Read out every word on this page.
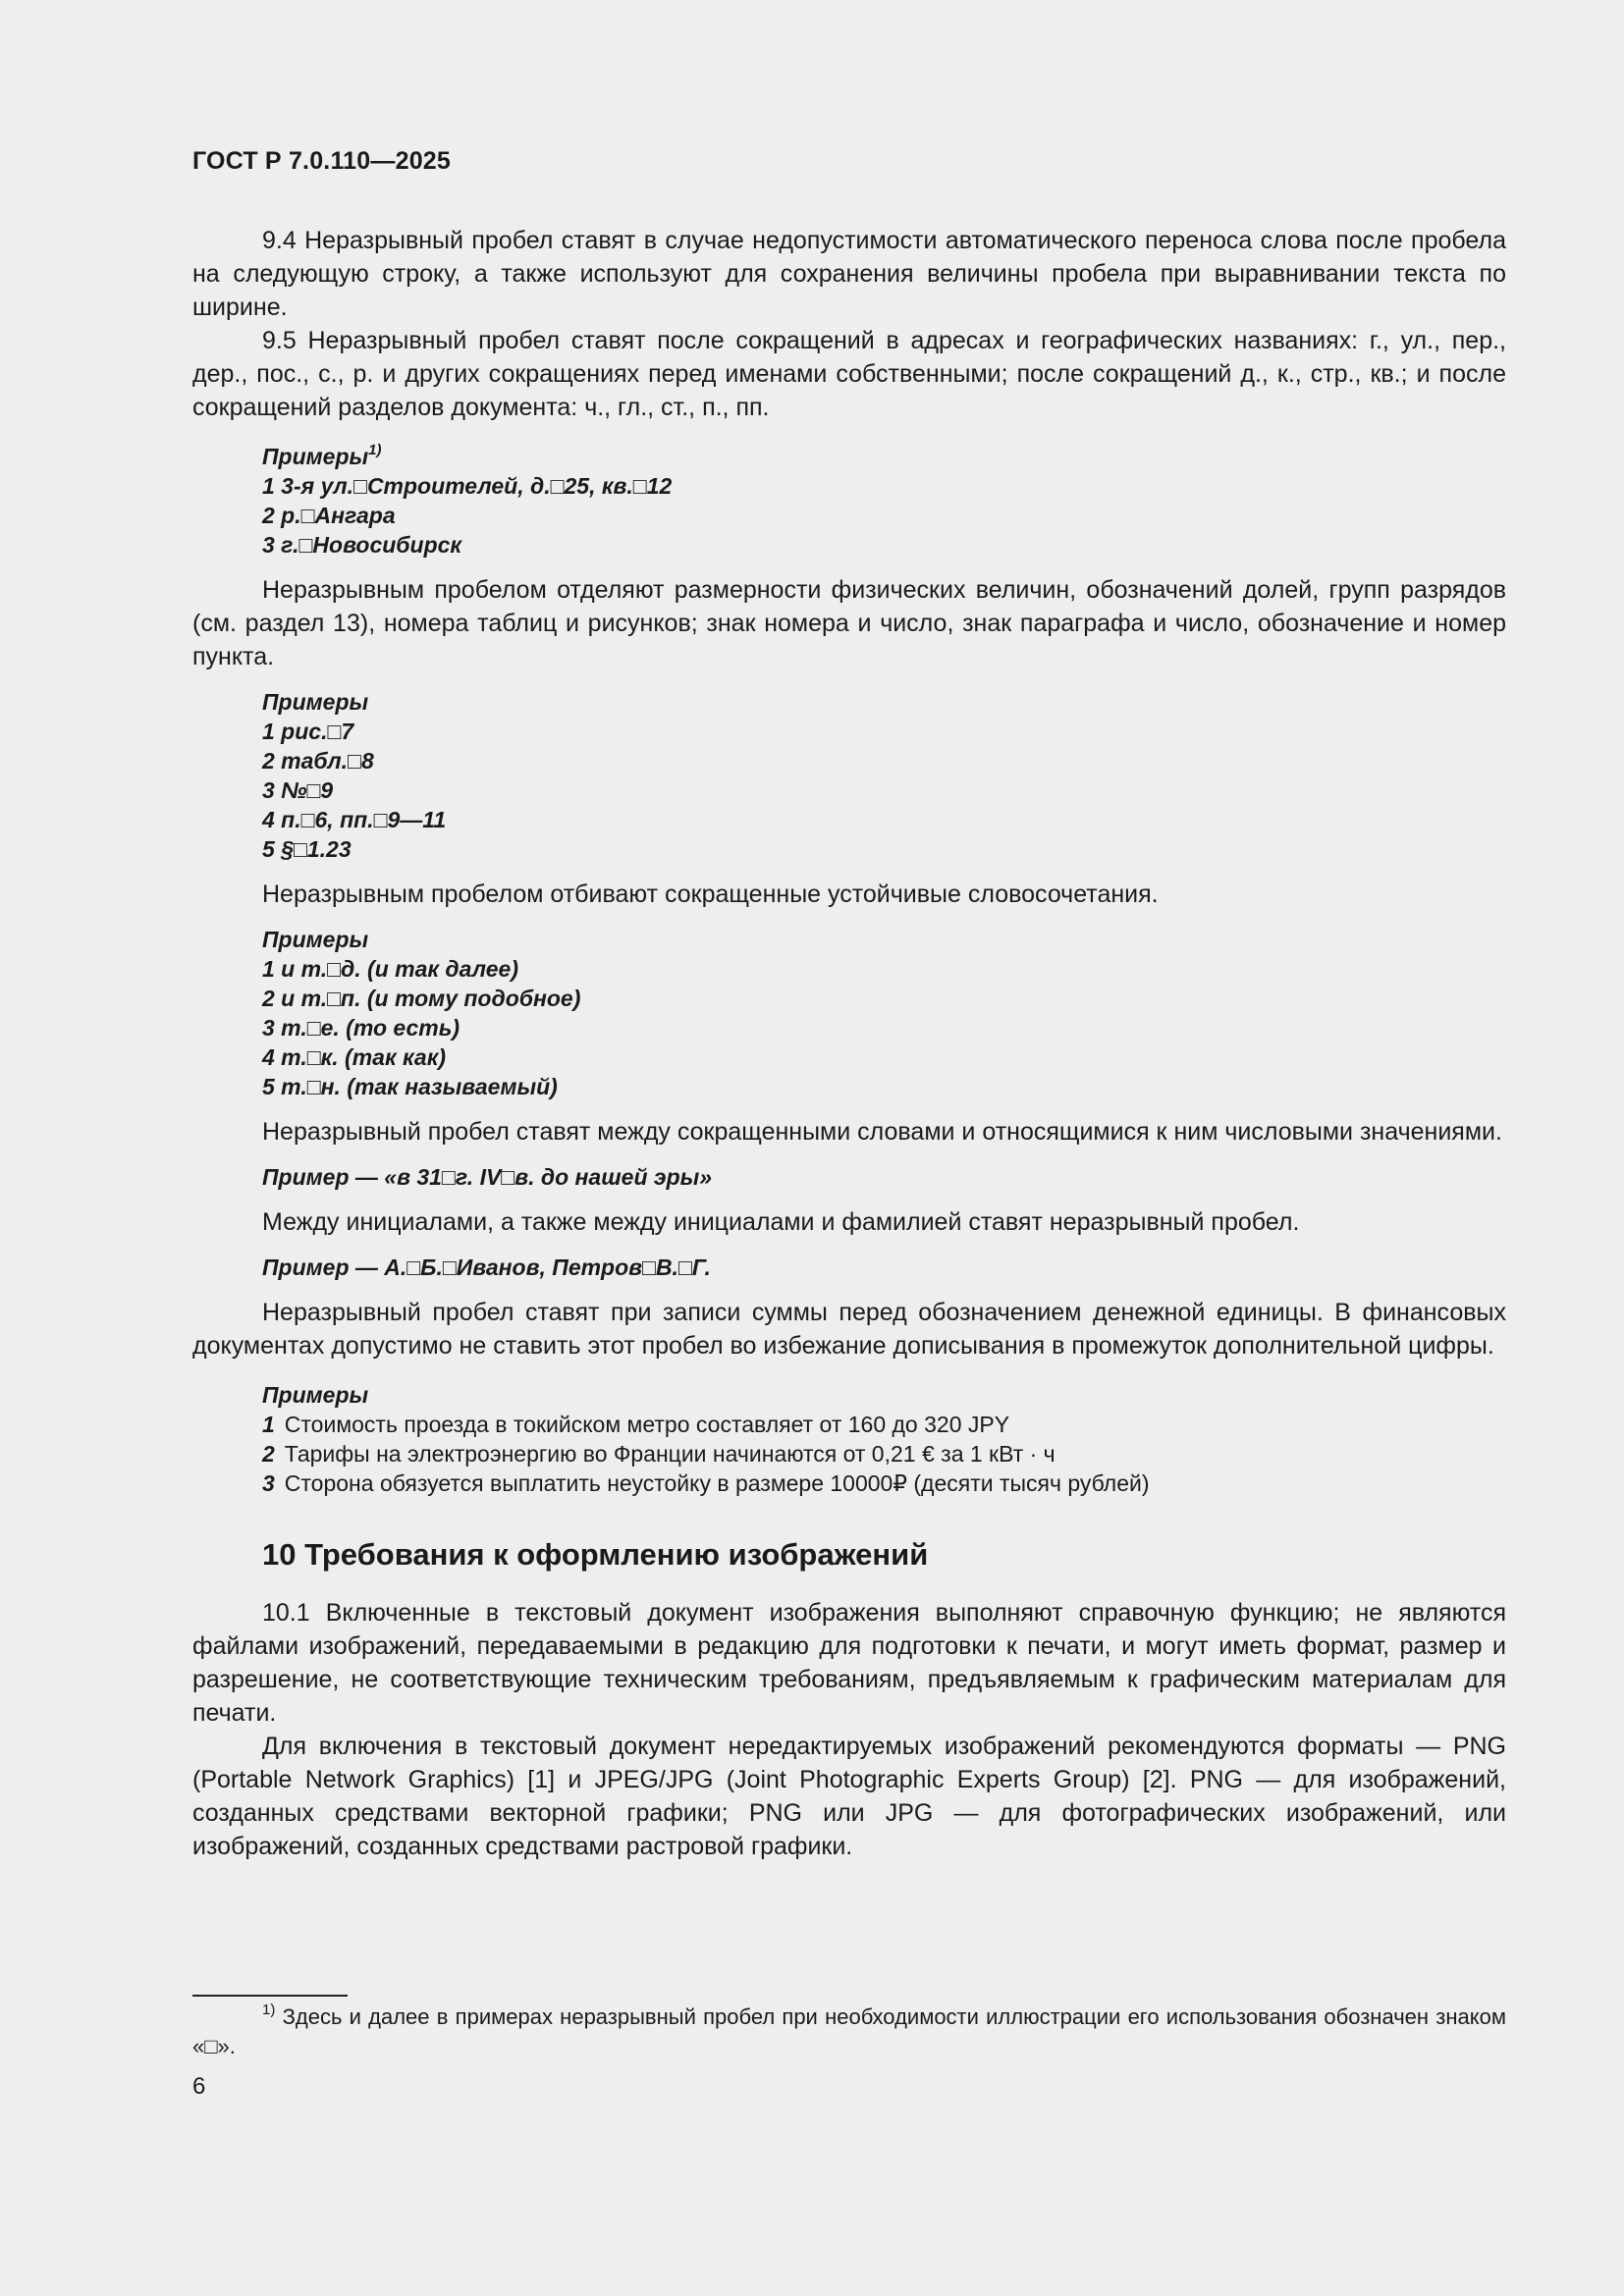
ГОСТ Р 7.0.110—2025

9.4 Неразрывный пробел ставят в случае недопустимости автоматического переноса слова после пробела на следующую строку, а также используют для сохранения величины пробела при выравнивании текста по ширине.

9.5 Неразрывный пробел ставят после сокращений в адресах и географических названиях: г., ул., пер., дер., пос., с., р. и других сокращениях перед именами собственными; после сокращений д., к., стр., кв.; и после сокращений разделов документа: ч., гл., ст., п., пп.

Примеры$^{1)}$
1 3-я ул.□Строителей, д.□25, кв.□12
2 р.□Ангара
3 г.□Новосибирск

Неразрывным пробелом отделяют размерности физических величин, обозначений долей, групп разрядов (см. раздел 13), номера таблиц и рисунков; знак номера и число, знак параграфа и число, обозначение и номер пункта.

Примеры
1 рис.□7
2 табл.□8
3 №□9
4 п.□6, пп.□9—11
5 §□1.23

Неразрывным пробелом отбивают сокращенные устойчивые словосочетания.

Примеры
1 и т.□д. (и так далее)
2 и т.□п. (и тому подобное)
3 т.□е. (то есть)
4 т.□к. (так как)
5 т.□н. (так называемый)

Неразрывный пробел ставят между сокращенными словами и относящимися к ним числовыми значениями.

Пример — «в 31□г. IV□в. до нашей эры»

Между инициалами, а также между инициалами и фамилией ставят неразрывный пробел.

Пример — А.□Б.□Иванов, Петров□В.□Г.

Неразрывный пробел ставят при записи суммы перед обозначением денежной единицы. В финансовых документах допустимо не ставить этот пробел во избежание дописывания в промежуток дополнительной цифры.

Примеры
1 Стоимость проезда в токийском метро составляет от 160 до 320 JPY
2 Тарифы на электроэнергию во Франции начинаются от 0,21 € за 1 кВт · ч
3 Сторона обязуется выплатить неустойку в размере 10000₽ (десяти тысяч рублей)
10 Требования к оформлению изображений

10.1 Включенные в текстовый документ изображения выполняют справочную функцию; не являются файлами изображений, передаваемыми в редакцию для подготовки к печати, и могут иметь формат, размер и разрешение, не соответствующие техническим требованиям, предъявляемым к графическим материалам для печати.

Для включения в текстовый документ нередактируемых изображений рекомендуются форматы — PNG (Portable Network Graphics) [1] и JPEG/JPG (Joint Photographic Experts Group) [2]. PNG — для изображений, созданных средствами векторной графики; PNG или JPG — для фотографических изображений, или изображений, созданных средствами растровой графики.

$^{1)}$ Здесь и далее в примерах неразрывный пробел при необходимости иллюстрации его использования обозначен знаком «□».
6
